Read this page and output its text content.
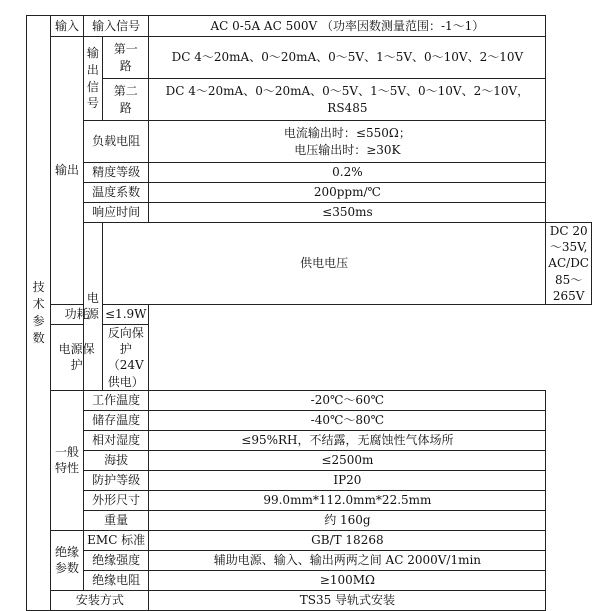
技术参数	输入	输入信号		AC 0-5A AC 500V （功率因数测量范围：-1～1）	
	输出	输出信号	第一路	DC 4～20mA、0～20mA、0～5V、1～5V、0～10V、2～10V	
			第二路	DC 4～20mA、0～20mA、0～5V、1～5V、0～10V、2～10V，
RS485	
		负载电阻		电流输出时：≤550Ω；
电压输出时：≥30K	
		精度等级		0.2%	
		温度系数		200ppm/℃	
		响应时间		≤350ms	
		电源	供电电压		DC 20～35V, AC/DC 85～265V
	功耗		≤1.9W		
	电源保护		反向保护（24V 供电）		
	一般
特性	工作温度		-20℃～60℃	
		储存温度		-40℃～80℃	
		相对湿度		≤95%RH，不结露，无腐蚀性气体场所	
		海拔		≤2500m	
		防护等级		IP20	
		外形尺寸		99.0mm*112.0mm*22.5mm	
		重量		约 160g	
	绝缘
参数	EMC 标准		GB/T 18268	
		绝缘强度		辅助电源、输入、输出两两之间 AC 2000V/1min	
		绝缘电阻		≥100MΩ	
	安装方式			TS35 导轨式安装	
